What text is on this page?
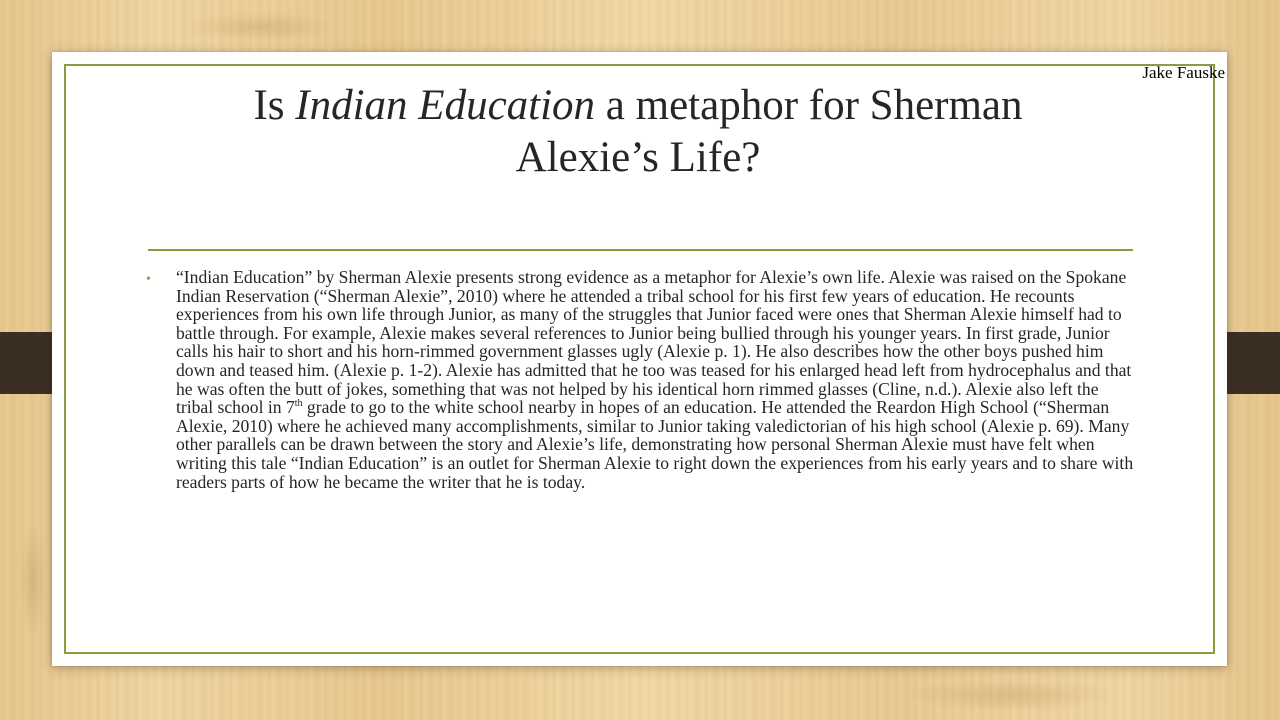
Jake Fauske

Is Indian Education a metaphor for Sherman
Alexie’s Life?

• “Indian Education” by Sherman Alexie presents strong evidence as a metaphor for Alexie’s own life. Alexie was raised on the Spokane Indian Reservation (“Sherman Alexie”, 2010) where he attended a tribal school for his first few years of education. He recounts experiences from his own life through Junior, as many of the struggles that Junior faced were ones that Sherman Alexie himself had to battle through. For example, Alexie makes several references to Junior being bullied through his younger years. In first grade, Junior calls his hair to short and his horn-rimmed government glasses ugly (Alexie p. 1). He also describes how the other boys pushed him down and teased him. (Alexie p. 1-2). Alexie has admitted that he too was teased for his enlarged head left from hydrocephalus and that he was often the butt of jokes, something that was not helped by his identical horn rimmed glasses (Cline, n.d.). Alexie also left the tribal school in 7th grade to go to the white school nearby in hopes of an education. He attended the Reardon High School (“Sherman Alexie, 2010) where he achieved many accomplishments, similar to Junior taking valedictorian of his high school (Alexie p. 69). Many other parallels can be drawn between the story and Alexie’s life, demonstrating how personal Sherman Alexie must have felt when writing this tale “Indian Education” is an outlet for Sherman Alexie to right down the experiences from his early years and to share with readers parts of how he became the writer that he is today.
